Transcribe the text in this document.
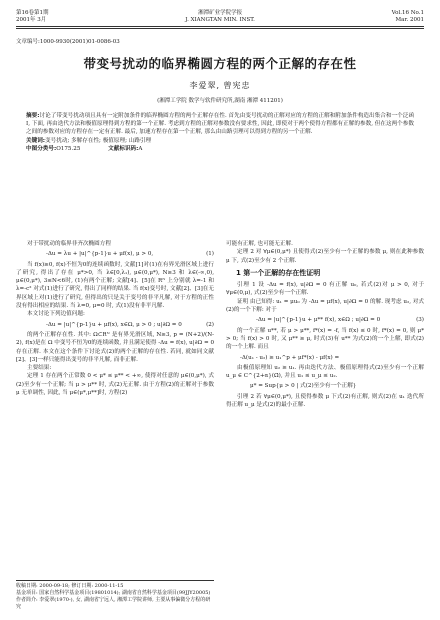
第16卷第1期
2001年 3月
湘潭矿业学院学报
J. XIANGTAN MIN. INST.
Vol.16 No.1
Mar. 2001
文章编号:1000-9930(2001)01-0086-03
带变号扰动的临界椭圆方程的两个正解的存在性
李爱翠, 曾宪忠
(湘潭工学院 数学与软件研究所,湖南 湘潭 411201)
摘要:讨论了带变号扰动项且具有一定附加条件的临界椭圆方程的两个正解存在性. 首先由变号扰动的正解对应的方程的正解和附加条件构造出集合和一个泛函 I, 下面, 再由迭代方法和极值原理得到方程的第一个正解. 考虑到方程的正解对参数没有要求性, 因此, 即使对于两个使得方程都有正解的参数, 但在这两个参数之间的参数对应的方程存在一定有正解. 最后, 加速方程存在第一个正解, 那么由山路引理可以得到方程的另一个正解.
关键词:变号扰动; 多解存在性; 极值原理; 山路引理
中图分类号:O175.25	文献标识码:A

对于带扰动的临界非齐次椭圆方程

-Δu = λu + |u|^{p-1}u + μf(x), μ > 0,	(1)

当 f(x)≥0, f(x)不恒为0的连续函数时, 文献[1]对(1)在有界光滑区域上进行了研究, 得出了存在 μ*>0, 当 λ∈[0,λ₁), μ∈(0,μ*), N≥3 和 λ∈(-∞,0), μ∈(0,μ*), 3≤N<6时, (1)有两个正解; 文献[4]、[5]在 Rᴺ 上分别就 λ=-1 和 λ=-c² 对式(1)进行了研究, 得出了同样的结果. 当 f(x)变号时, 文献[2]、[3]在无界区域上对(1)进行了研究, 但得出的只是关于变号的非平凡解, 对于方程的正性没有得出相应的结果. 当 λ=0, μ=0 时, 式(1)没有非平凡解.

本文讨论下列边值问题:

-Δu = |u|^{p-1}u + μf(x), x∈Ω, μ > 0 ; u|∂Ω = 0	(2)

的两个正解存在性. 其中: Ω⊂Rᴺ 是有界光滑区域, N≥3, p = (N+2)/(N-2), f(x)是在 Ω 中变号不恒为0的连续函数, 并且满足使得 -Δu = f(x), u|∂Ω = 0 存在正解. 本文在这个条件下讨论式(2)的两个正解的存在性. 若同, 就如同文献[2]、[3]一样只能得出变号的非平凡解, 而非正解.

主要结果:

定理 1 存在两个正常数 0 < μ* ≤ μ** < +∞, 使得对任意的 μ∈(0,μ*), 式(2)至少有一个正解; 当 μ > μ** 时, 式(2)无正解. 由于方程(2)的正解对于参数 μ 无单调性, 因此, 当 μ∈(μ*,μ**]时, 方程(2)

可能有正解, 也可能无正解.

定理 2 对 ∀μ∈(0,μ*) 且使得式(2)至少有一个正解的参数 μ, 则在此种参数 μ 下, 式(2)至少有 2 个正解.

1 第一个正解的存在性证明

引理 1 设 -Δu = f(x), u|∂Ω = 0 有正解 u₀, 若式(2)对 μ > 0, 对于 ∀μ∈(0,μ), 式(2)至少有一个正解.

证明 由已知得: u₁ = μu₀ 为 -Δu = μf(x), u|∂Ω = 0 的解. 现考虑 u₂, 对式(2)的一个下解: 对于

-Δu = |u|^{p-1}u + μ** f(x), x∈Ω ; u|∂Ω = 0	(3)

的一个正解 u**, 若 μ > μ**, f*(x) = -f, 当 f(x) ≤ 0 时, f*(x) = 0, 则 μ* > 0; 当 f(x) > 0 时, 又 μ** ≥ μ, 时式(3)有 u** 为式(2)的一个上解, 即式(2)的一个上解. 而且

-Δ(u₁ - u₂) ≥ u₁^p + μf*(x) - μf(x) =

由极值原理知 u₂ ≥ u₁. 再由迭代方法、极值原理得式(2)至少有一个正解 u_μ ∈ C^{2+α}(Ω̄), 并且 u₁ ≤ u_μ ≤ u₂.

μ* = Sup{μ > 0 | 式(2)至少有一个正解}

引理 2 若 ∀μ∈(0,μ*), 且使得参数 μ 下式(2)有正解, 则式(2)在 u₁ 迭代所得正解 u_μ 是式(2)的最小正解.

收稿日期: 2000-09-18; 修订日期: 2000-11-15
基金项目: 国家自然科学基金项目(19801014); 湖南省自然科学基金项目(99JJY20005)
作者简介: 李爱翠(1970-), 女, 湖南省宁远人, 湘潭工学院讲师, 主要从事偏微分方程的研究
